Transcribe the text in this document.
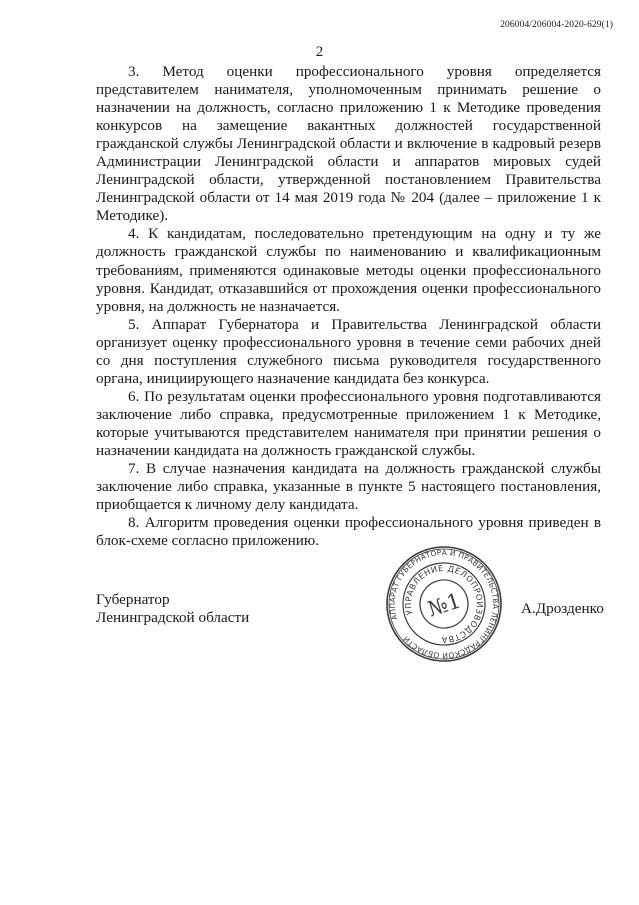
206004/206004-2020-629(1)
2

3. Метод оценки профессионального уровня определяется представителем нанимателя, уполномоченным принимать решение о назначении на должность, согласно приложению 1 к Методике проведения конкурсов на замещение вакантных должностей государственной гражданской службы Ленинградской области и включение в кадровый резерв Администрации Ленинградской области и аппаратов мировых судей Ленинградской области, утвержденной постановлением Правительства Ленинградской области от 14 мая 2019 года № 204 (далее – приложение 1 к Методике).

4. К кандидатам, последовательно претендующим на одну и ту же должность гражданской службы по наименованию и квалификационным требованиям, применяются одинаковые методы оценки профессионального уровня. Кандидат, отказавшийся от прохождения оценки профессионального уровня, на должность не назначается.

5. Аппарат Губернатора и Правительства Ленинградской области организует оценку профессионального уровня в течение семи рабочих дней со дня поступления служебного письма руководителя государственного органа, инициирующего назначение кандидата без конкурса.

6. По результатам оценки профессионального уровня подготавливаются заключение либо справка, предусмотренные приложением 1 к Методике, которые учитываются представителем нанимателя при принятии решения о назначении кандидата на должность гражданской службы.

7. В случае назначения кандидата на должность гражданской службы заключение либо справка, указанные в пункте 5 настоящего постановления, приобщается к личному делу кандидата.

8. Алгоритм проведения оценки профессионального уровня приведен в блок-схеме согласно приложению.

Губернатор
Ленинградской области	АППАРАТ ГУБЕРНАТОРА И ПРАВИТЕЛЬСТВА ЛЕНИНГРАДСКОЙ ОБЛАСТИ
УПРАВЛЕНИЕ ДЕЛОПРОИЗВОДСТВА
№1	А.Дрозденко
